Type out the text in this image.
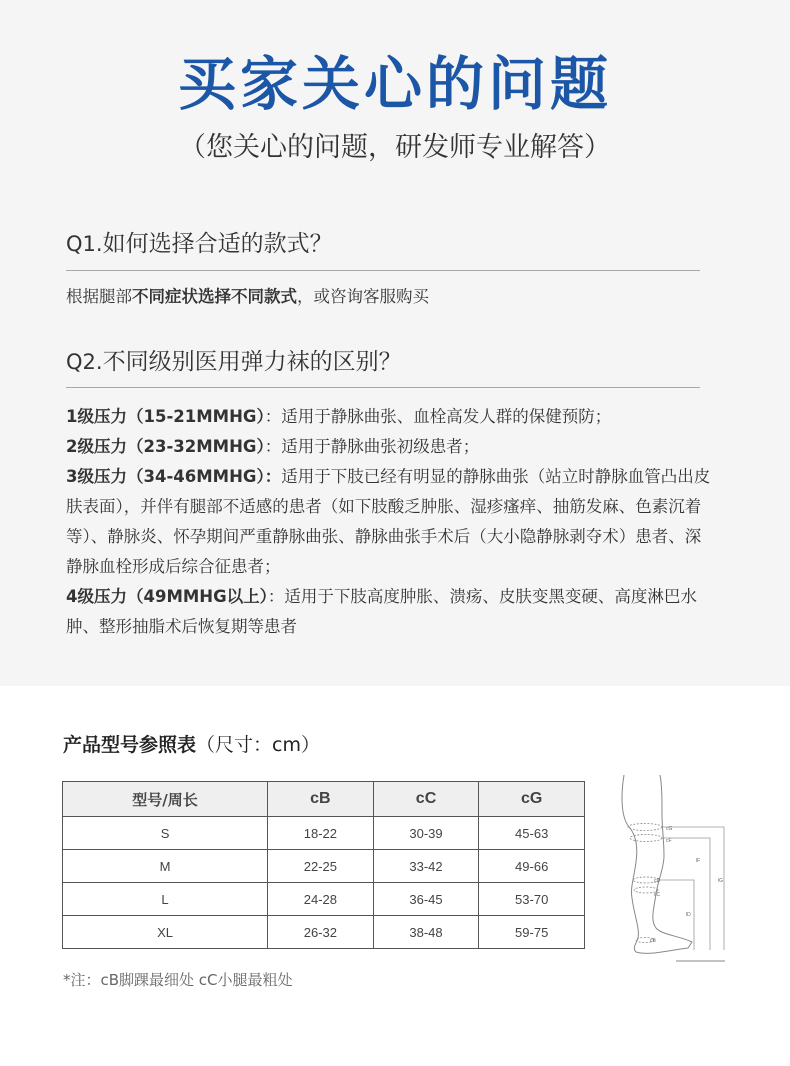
买家关心的问题
（您关心的问题，研发师专业解答）
Q1.如何选择合适的款式？
根据腿部不同症状选择不同款式，或咨询客服购买
Q2.不同级别医用弹力袜的区别？
1级压力（15-21MMHG）：适用于静脉曲张、血栓高发人群的保健预防；
2级压力（23-32MMHG）：适用于静脉曲张初级患者；
3级压力（34-46MMHG）：适用于下肢已经有明显的静脉曲张（站立时静脉血管凸出皮肤表面），并伴有腿部不适感的患者（如下肢酸乏肿胀、湿疹瘙痒、抽筋发麻、色素沉着等）、静脉炎、怀孕期间严重静脉曲张、静脉曲张手术后（大小隐静脉剥夺术）患者、深静脉血栓形成后综合征患者；
4级压力（49MMHG以上）：适用于下肢高度肿胀、溃疡、皮肤变黑变硬、高度淋巴水肿、整形抽脂术后恢复期等患者
产品型号参照表（尺寸：cm）
型号/周长	cB	cC	cG
S	18-22	30-39	45-63
M	22-25	33-42	49-66
L	24-28	36-45	53-70
XL	26-32	38-48	59-75
cG
cF
lF
lG
cD
cC
lD
cB
*注：cB脚踝最细处 cC小腿最粗处
